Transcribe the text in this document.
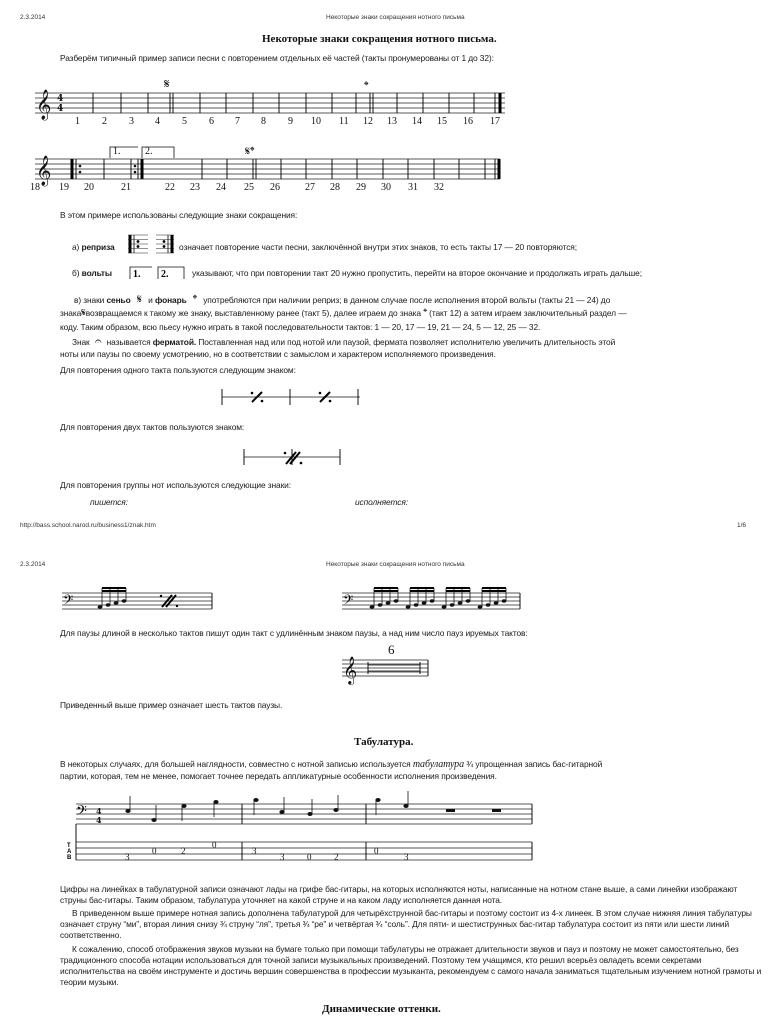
2.3.2014	Некоторые знаки сокращения нотного письма
Некоторые знаки сокращения нотного письма.
Разберём типичный пример записи песни с повторением отдельных её частей (такты пронумерованы от 1 до 32):
𝄞 4
4
𝄋	𝄌
1 2 3 4 5 6 7 8 9 10 11 12 13 14 15 16 17
𝄞
𝄋𝄌
1. 2.
18 19 20	21	22 23 24 25 26	27 28 29 30 31 32
В этом примере использованы следующие знаки сокращения:
а) реприза	означает повторение части песни, заключённой внутри этих знаков, то есть такты 17 — 20 повторяются;
б) вольты 1. 2.	указывают, что при повторении такт 20 нужно пропустить, перейти на второе окончание и продолжать играть дальше;
в) знаки сеньо 𝄋 и фонарь 𝄌 употребляются при наличии реприз; в данном случае после исполнения второй вольты (такты 21 — 24) до
знака𝄋возвращаемся к такому же знаку, выставленному ранее (такт 5), далее играем до знака 𝄌 (такт 12) а затем играем заключительный раздел —
коду. Таким образом, всю пьесу нужно играть в такой последовательности тактов: 1 — 20, 17 — 19, 21 — 24, 5 — 12, 25 — 32.
Знак 𝄐 называется ферматой. Поставленная над или под нотой или паузой, фермата позволяет исполнителю увеличить длительность этой
ноты или паузы по своему усмотрению, но в соответствии с замыслом и характером исполняемого произведения.
Для повторения одного такта пользуются следующим знаком:
Для повторения двух тактов пользуются знаком:
Для повторения группы нот используются следующие знаки:
пишется:	исполняется:
http://bass.school.narod.ru/business1/znak.htm	1/6
2.3.2014	Некоторые знаки сокращения нотного письма
𝄢	𝄢
Для паузы длиной в несколько тактов пишут один такт с удлинённым знаком паузы, а над ним число пауз ируемых тактов:
𝄞
6
Приведенный выше пример означает шесть тактов паузы.
Табулатура.
В некоторых случаях, для большей наглядности, совместно с нотной записью используется табулатура ¾ упрощенная запись бас-гитарной
партии, которая, тем не менее, помогает точнее передать аппликатурные особенности исполнения произведения.
𝄢 4
4
T
A
B	3
0	2
0
3
3	0	2
0
3
Цифры на линейках в табулатурной записи означают лады на грифе бас-гитары, на которых исполняются ноты, написанные на нотном стане выше, а сами линейки изображают струны бас-гитары. Таким образом, табулатура уточняет на какой струне и на каком ладу исполняется данная нота.
В приведенном выше примере нотная запись дополнена табулатурой для четырёхструнной бас-гитары и поэтому состоит из 4-х линеек. В этом случае нижняя линия табулатуры означает струну “ми”, вторая линия снизу ¾ струну “ля”, третья ¾ “ре” и четвёртая ¾ “соль”. Для пяти- и шестиструнных бас-гитар табулатура состоит из пяти или шести линий соответственно.
К сожалению, способ отображения звуков музыки на бумаге только при помощи табулатуры не отражает длительности звуков и пауз и поэтому не может самостоятельно, без традиционного способа нотации использоваться для точной записи музыкальных произведений. Поэтому тем учащимся, кто решил всерьёз овладеть всеми секретами исполнительства на своём инструменте и достичь вершин совершенства в профессии музыканта, рекомендуем с самого начала заниматься тщательным изучением нотной грамоты и теории музыки.
Динамические оттенки.
